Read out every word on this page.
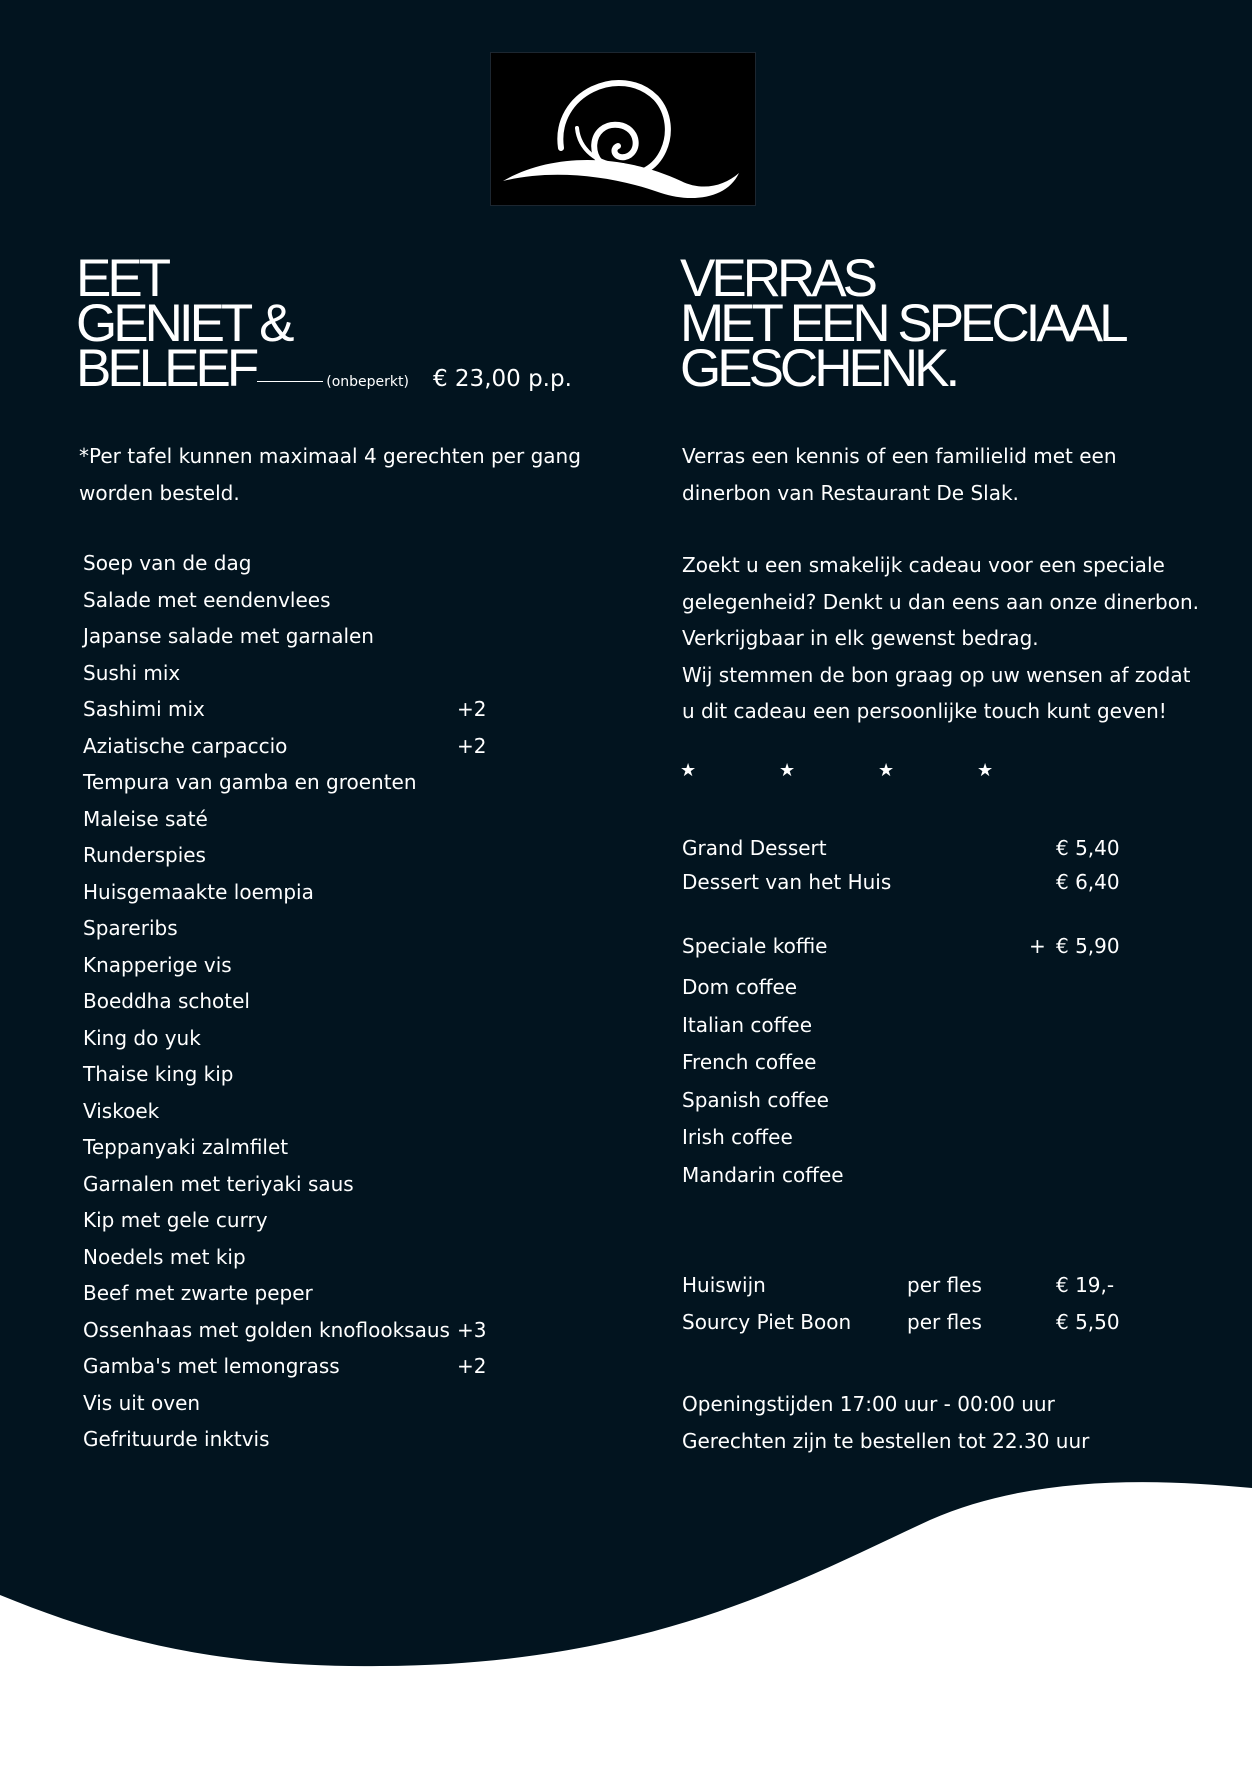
EET
GENIET &
BELEEF	(onbeperkt) € 23,00 p.p.
*Per tafel kunnen maximaal 4 gerechten per gang
worden besteld.
Soep van de dag
Salade met eendenvlees
Japanse salade met garnalen
Sushi mix
Sashimi mix	+2
Aziatische carpaccio	+2
Tempura van gamba en groenten
Maleise saté
Runderspies
Huisgemaakte loempia
Spareribs
Knapperige vis
Boeddha schotel
King do yuk
Thaise king kip
Viskoek
Teppanyaki zalmfilet
Garnalen met teriyaki saus
Kip met gele curry
Noedels met kip
Beef met zwarte peper
Ossenhaas met golden knoflooksaus +3
Gamba's met lemongrass	+2
Vis uit oven
Gefrituurde inktvis
VERRAS
MET EEN SPECIAAL
GESCHENK.
Verras een kennis of een familielid met een
dinerbon van Restaurant De Slak.
Zoekt u een smakelijk cadeau voor een speciale
gelegenheid? Denkt u dan eens aan onze dinerbon.
Verkrijgbaar in elk gewenst bedrag.
Wij stemmen de bon graag op uw wensen af zodat
u dit cadeau een persoonlijke touch kunt geven!
★	★	★	★
Grand Dessert	€ 5,40
Dessert van het Huis	€ 6,40
Speciale koffie	+ € 5,90
Dom coffee
Italian coffee
French coffee
Spanish coffee
Irish coffee
Mandarin coffee
Huiswijn	per fles	€ 19,-
Sourcy Piet Boon	per fles	€ 5,50
Openingstijden 17:00 uur - 00:00 uur
Gerechten zijn te bestellen tot 22.30 uur
